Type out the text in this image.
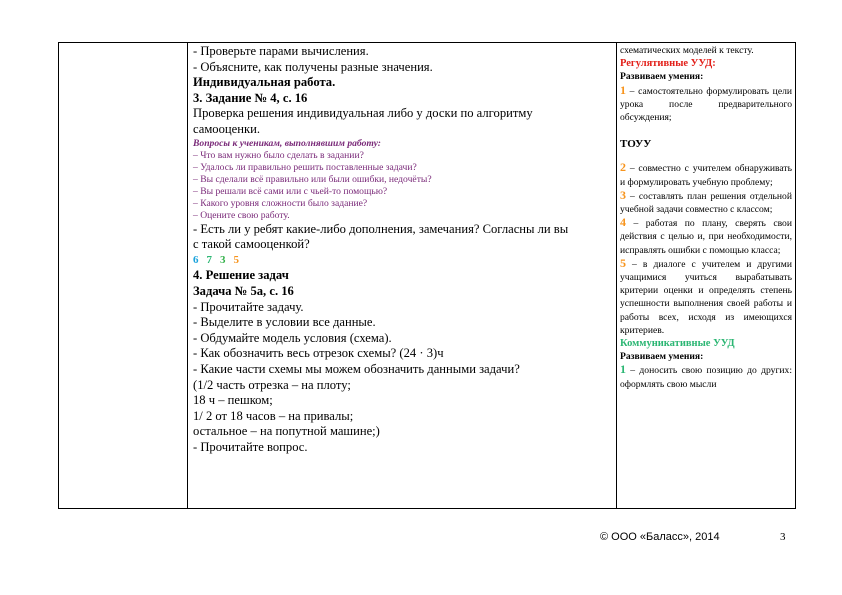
- Проверьте парами вычисления.
- Объясните, как получены разные значения.
Индивидуальная работа.
3. Задание № 4, с. 16
Проверка решения индивидуальная либо у доски по алгоритму
самооценки.
Вопросы к ученикам, выполнявшим работу:
– Что вам нужно было сделать в задании?
– Удалось ли правильно решить поставленные задачи?
– Вы сделали всё правильно или были ошибки, недочёты?
– Вы решали всё сами или с чьей-то помощью?
– Какого уровня сложности было задание?
– Оцените свою работу.
- Есть ли у ребят какие-либо дополнения, замечания? Согласны ли вы
с такой самооценкой?
6 7 3 5
4. Решение задач
Задача № 5а, с. 16
- Прочитайте задачу.
- Выделите в условии все данные.
- Обдумайте модель условия (схема).
- Как обозначить весь отрезок схемы? (24 · 3)ч
- Какие части схемы мы можем обозначить данными задачи?
(1/2 часть отрезка – на плоту;
18 ч – пешком;
1/ 2 от 18 часов – на привалы;
остальное – на попутной машине;)
- Прочитайте вопрос.
схематических моделей к тексту.
Регулятивные УУД:
Развиваем умения:
1 – самостоятельно формулировать цели урока после предварительного обсуждения;
ТОУУ
2 – совместно с учителем обнаруживать и формулировать учебную проблему;
3 – составлять план решения отдельной учебной задачи совместно с классом;
4 – работая по плану, сверять свои действия с целью и, при необходимости, исправлять ошибки с помощью класса;
5 – в диалоге с учителем и другими учащимися учиться вырабатывать критерии оценки и определять степень успешности выполнения своей работы и работы всех, исходя из имеющихся критериев.
Коммуникативные УУД
Развиваем умения:
1 – доносить свою позицию до других: оформлять свою мысли
© ООО «Баласс», 2014	3
